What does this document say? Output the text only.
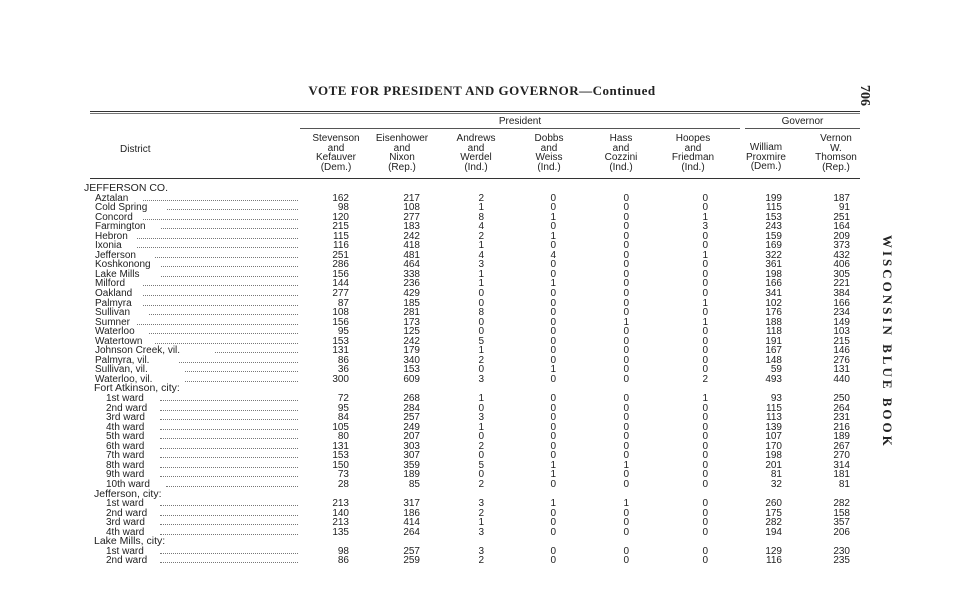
VOTE FOR PRESIDENT AND GOVERNOR—Continued	706
WISCONSIN BLUE BOOK
President	Governor
District
Stevenson
and
Kefauver
(Dem.)
Eisenhower
and
Nixon
(Rep.)
Andrews
and
Werdel
(Ind.)
Dobbs
and
Weiss
(Ind.)
Hass
and
Cozzini
(Ind.)
Hoopes
and
Friedman
(Ind.)
William
Proxmire
(Dem.)
Vernon
W.
Thomson
(Rep.)
JEFFERSON CO.
Aztalan	162	217	2	0	0	0	199	187
Cold Spring	98	108	1	0	0	0	115	91
Concord	120	277	8	1	0	1	153	251
Farmington	215	183	4	0	0	3	243	164
Hebron	115	242	2	1	0	0	159	209
Ixonia	116	418	1	0	0	0	169	373
Jefferson	251	481	4	4	0	1	322	432
Koshkonong	286	464	3	0	0	0	361	406
Lake Mills	156	338	1	0	0	0	198	305
Milford	144	236	1	1	0	0	166	221
Oakland	277	429	0	0	0	0	341	384
Palmyra	87	185	0	0	0	1	102	166
Sullivan	108	281	8	0	0	0	176	234
Sumner	156	173	0	0	1	1	188	149
Waterloo	95	125	0	0	0	0	118	103
Watertown	153	242	5	0	0	0	191	215
Johnson Creek, vil.	131	179	1	0	0	0	167	146
Palmyra, vil.	86	340	2	0	0	0	148	276
Sullivan, vil.	36	153	0	1	0	0	59	131
Waterloo, vil.	300	609	3	0	0	2	493	440
Fort Atkinson, city:
1st ward	72	268	1	0	0	1	93	250
2nd ward	95	284	0	0	0	0	115	264
3rd ward	84	257	3	0	0	0	113	231
4th ward	105	249	1	0	0	0	139	216
5th ward	80	207	0	0	0	0	107	189
6th ward	131	303	2	0	0	0	170	267
7th ward	153	307	0	0	0	0	198	270
8th ward	150	359	5	1	1	0	201	314
9th ward	73	189	0	1	0	0	81	181
10th ward	28	85	2	0	0	0	32	81
Jefferson, city:
1st ward	213	317	3	1	1	0	260	282
2nd ward	140	186	2	0	0	0	175	158
3rd ward	213	414	1	0	0	0	282	357
4th ward	135	264	3	0	0	0	194	206
Lake Mills, city:
1st ward	98	257	3	0	0	0	129	230
2nd ward	86	259	2	0	0	0	116	235
